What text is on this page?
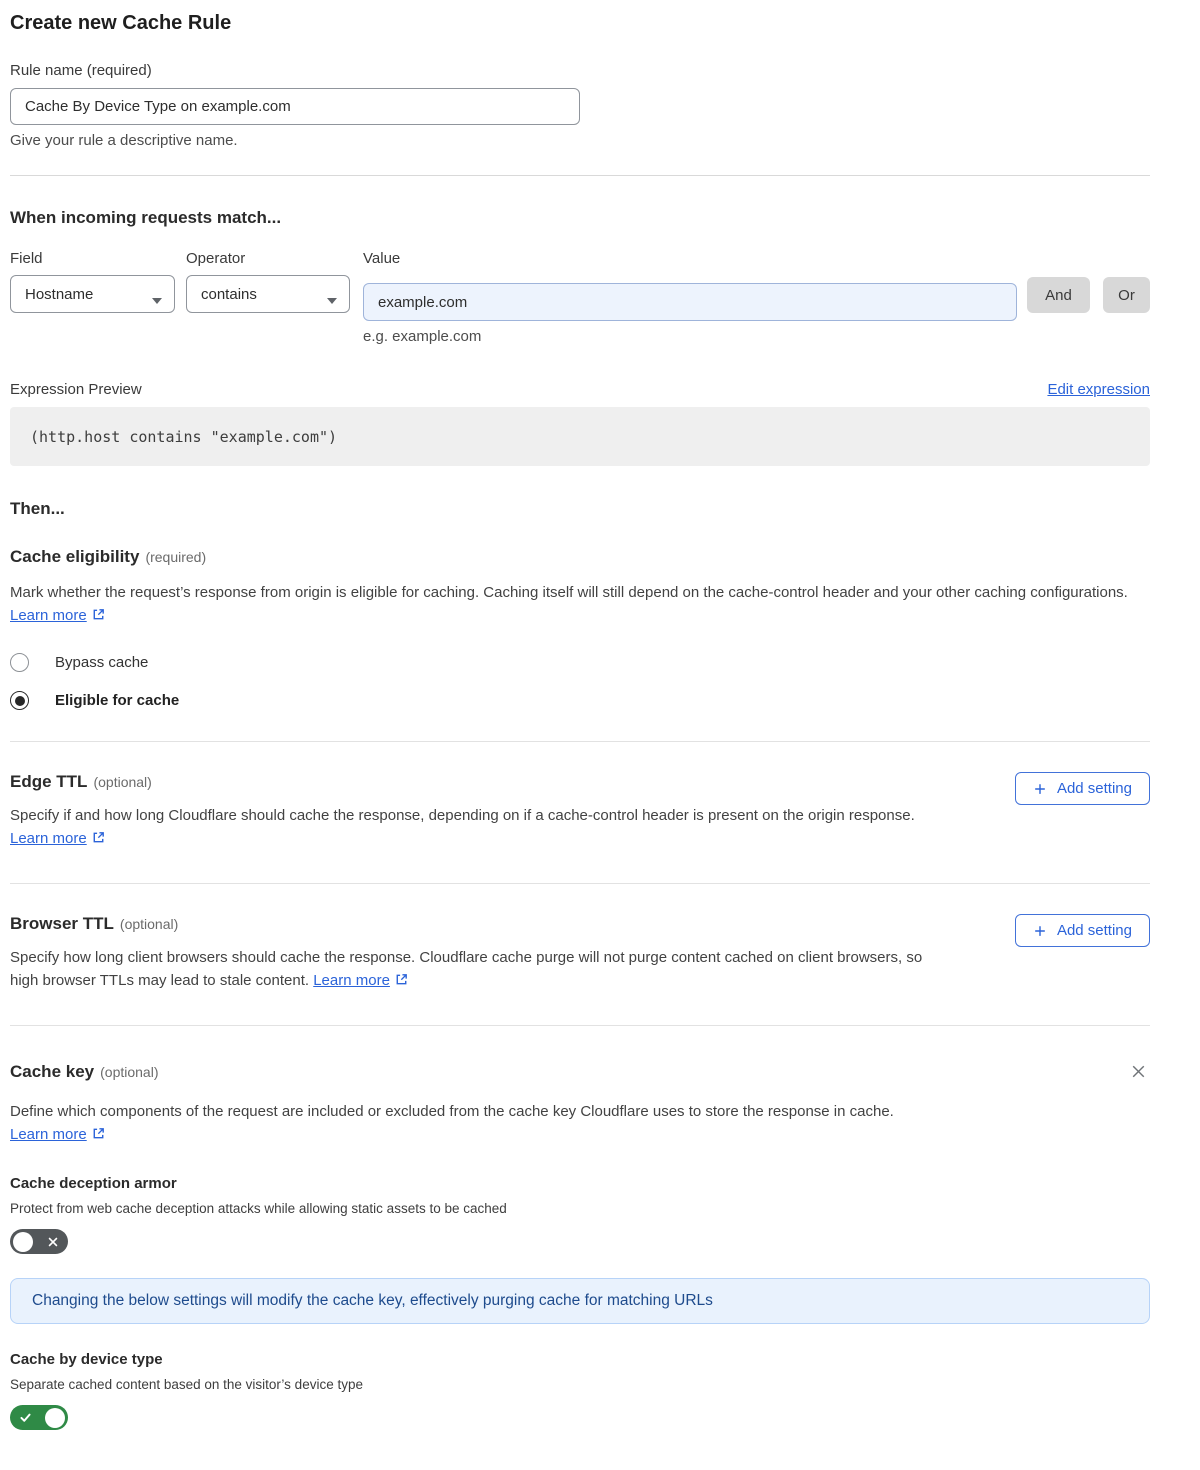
Create new Cache Rule
Rule name (required)
Cache By Device Type on example.com
Give your rule a descriptive name.
When incoming requests match...
Field
Hostname
Operator
contains
Value
example.com
e.g. example.com
And	Or
Expression Preview	Edit expression
(http.host contains "example.com")
Then...
Cache eligibility (required)

Mark whether the request’s response from origin is eligible for caching. Caching itself will still depend on the cache-control header and your other caching configurations. Learn more

Bypass cache
Eligible for cache
Edge TTL (optional)

Specify if and how long Cloudflare should cache the response, depending on if a cache-control header is present on the origin response. Learn more

Add setting
Browser TTL (optional)

Specify how long client browsers should cache the response. Cloudflare cache purge will not purge content cached on client browsers, so high browser TTLs may lead to stale content. Learn more

Add setting
Cache key (optional)

Define which components of the request are included or excluded from the cache key Cloudflare uses to store the response in cache. Learn more

Cache deception armor

Protect from web cache deception attacks while allowing static assets to be cached

Changing the below settings will modify the cache key, effectively purging cache for matching URLs
Cache by device type

Separate cached content based on the visitor’s device type
